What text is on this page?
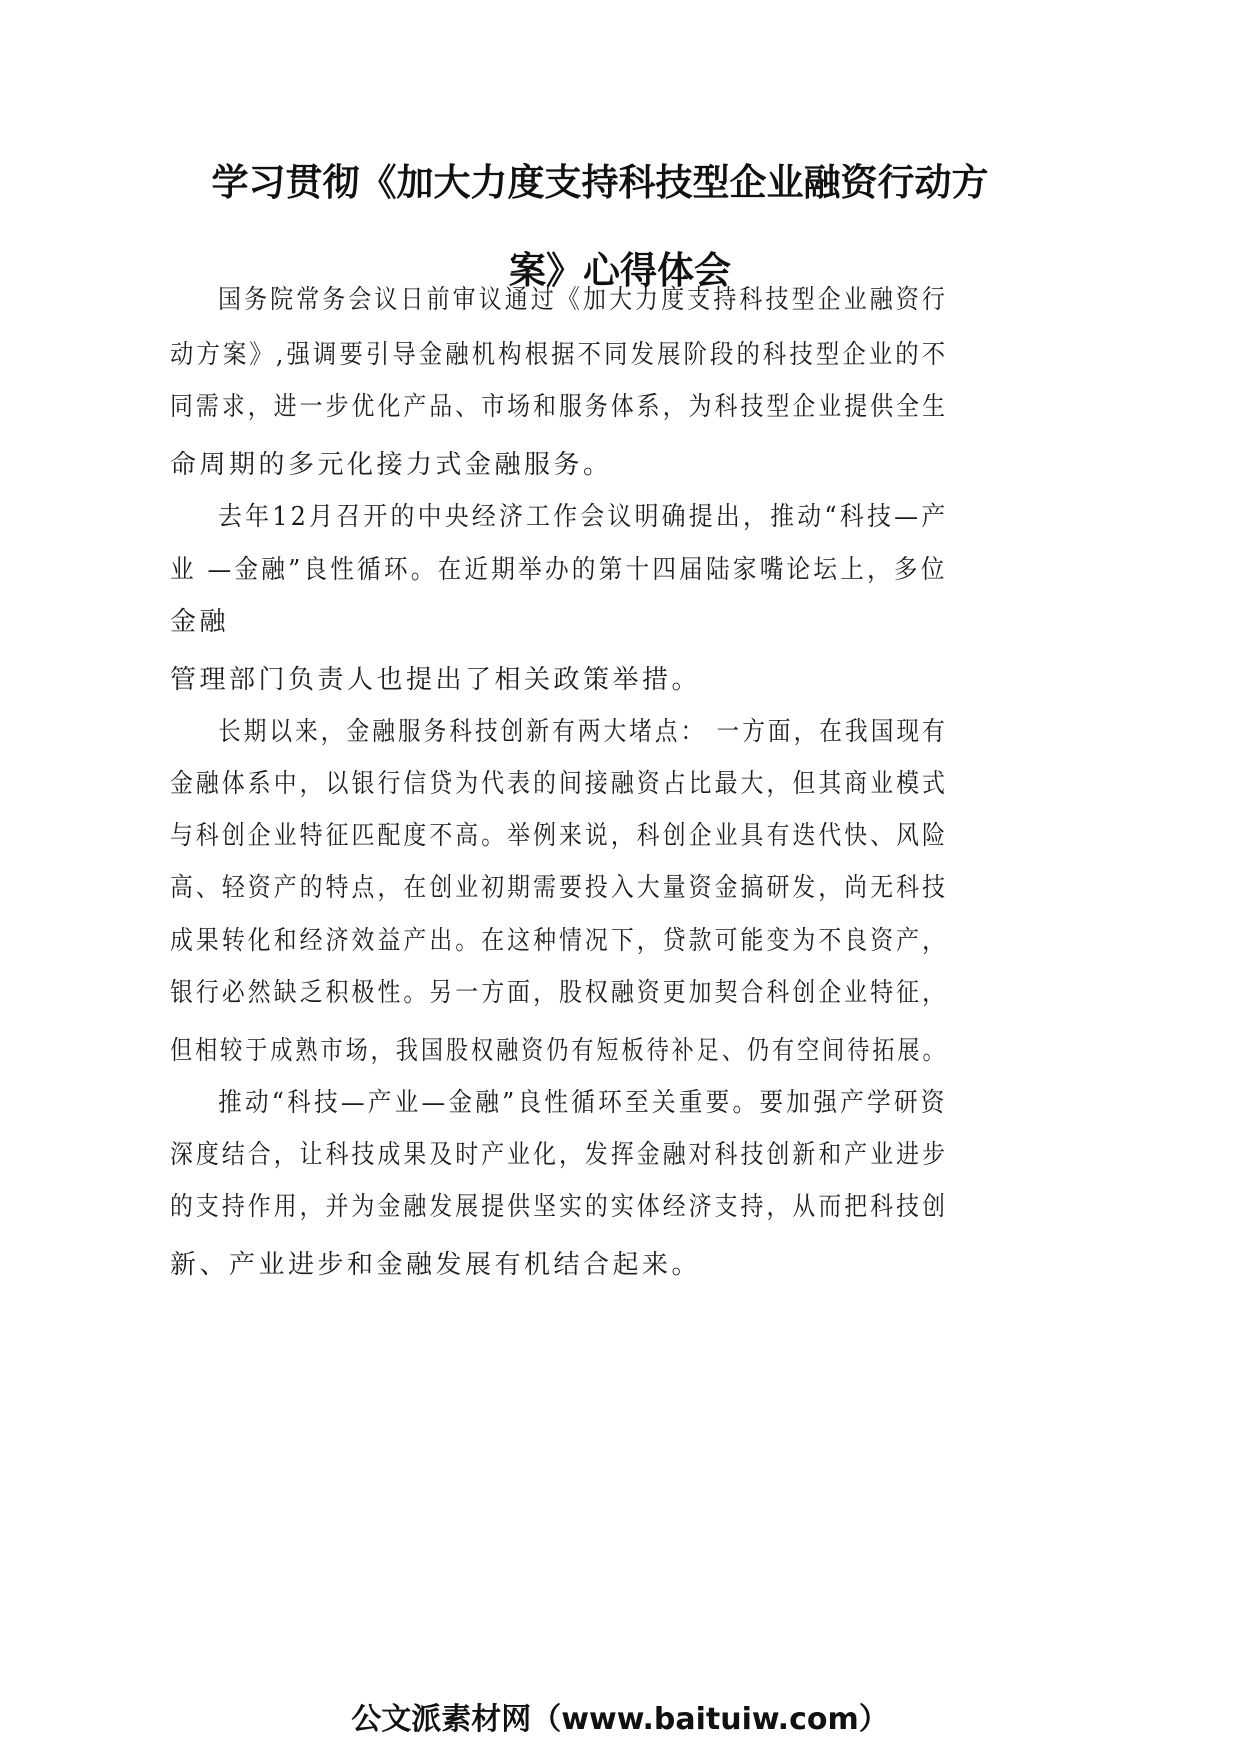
学习贯彻《加大力度支持科技型企业融资行动方
案》心得体会

国务院常务会议日前审议通过《加大力度支持科技型企业融资行

动方案》,强调要引导金融机构根据不同发展阶段的科技型企业的不

同需求，进一步优化产品、市场和服务体系，为科技型企业提供全生

命周期的多元化接力式金融服务。

去年12月召开的中央经济工作会议明确提出，推动“科技—产

业 —金融”良性循环。在近期举办的第十四届陆家嘴论坛上，多位

金融

管理部门负责人也提出了相关政策举措。

长期以来，金融服务科技创新有两大堵点： 一方面，在我国现有

金融体系中，以银行信贷为代表的间接融资占比最大，但其商业模式

与科创企业特征匹配度不高。举例来说，科创企业具有迭代快、风险

高、轻资产的特点，在创业初期需要投入大量资金搞研发，尚无科技

成果转化和经济效益产出。在这种情况下，贷款可能变为不良资产，

银行必然缺乏积极性。另一方面，股权融资更加契合科创企业特征，

但相较于成熟市场，我国股权融资仍有短板待补足、仍有空间待拓展。

推动“科技—产业—金融”良性循环至关重要。要加强产学研资

深度结合，让科技成果及时产业化，发挥金融对科技创新和产业进步

的支持作用，并为金融发展提供坚实的实体经济支持，从而把科技创

新、产业进步和金融发展有机结合起来。

公文派素材网（www.baituiw.com）
